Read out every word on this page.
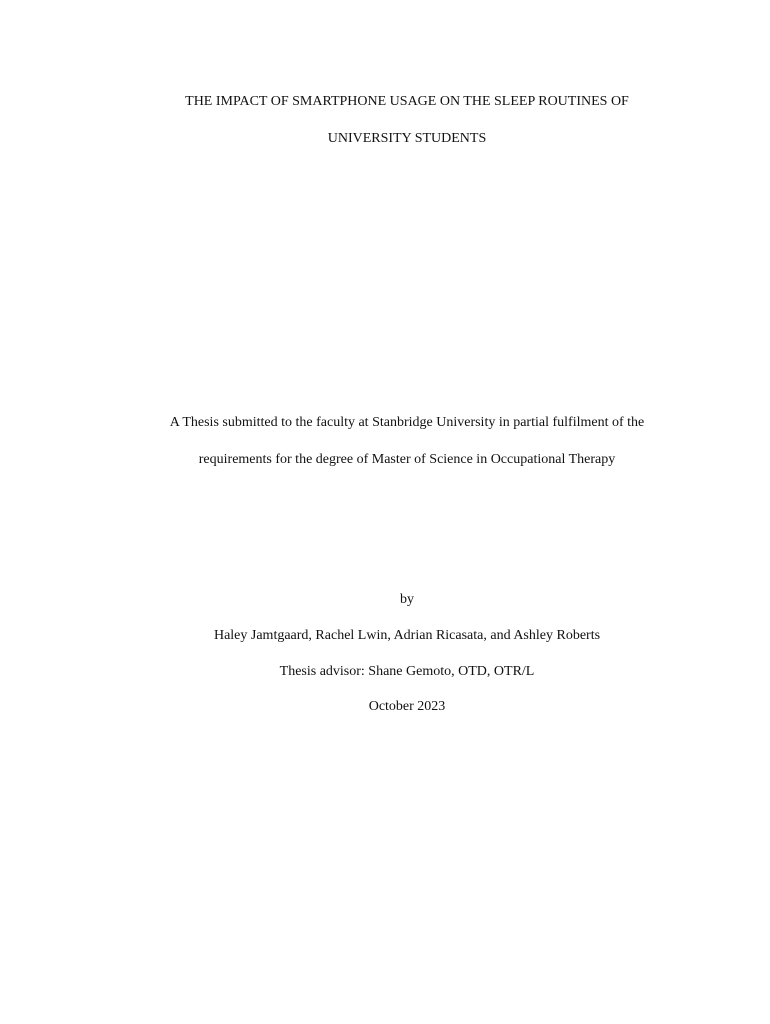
THE IMPACT OF SMARTPHONE USAGE ON THE SLEEP ROUTINES OF
UNIVERSITY STUDENTS

A Thesis submitted to the faculty at Stanbridge University in partial fulfilment of the

requirements for the degree of Master of Science in Occupational Therapy

by

Haley Jamtgaard, Rachel Lwin, Adrian Ricasata, and Ashley Roberts

Thesis advisor: Shane Gemoto, OTD, OTR/L

October 2023
